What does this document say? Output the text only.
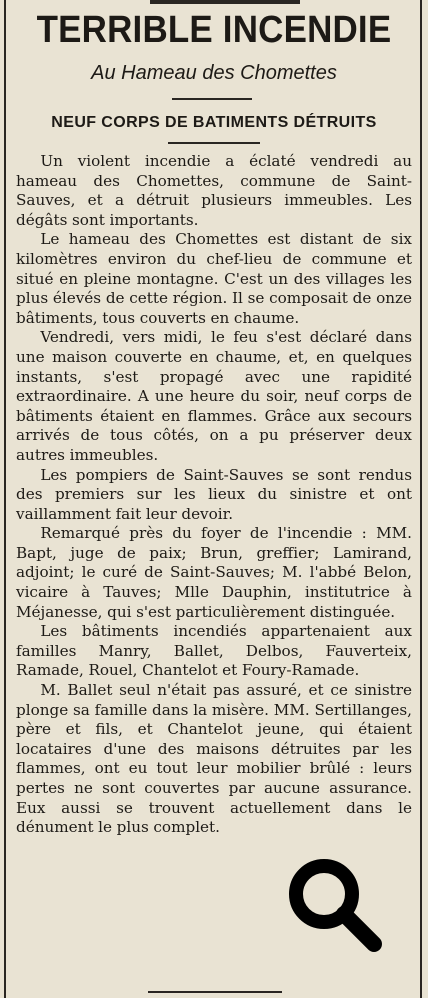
TERRIBLE INCENDIE
Au Hameau des Chomettes
NEUF CORPS DE BATIMENTS DÉTRUITS

Un violent incendie a éclaté vendredi au hameau des Chomettes, commune de Saint-Sauves, et a détruit plusieurs immeubles. Les dégâts sont importants.

Le hameau des Chomettes est distant de six kilomètres environ du chef-lieu de commune et situé en pleine montagne. C'est un des villages les plus élevés de cette région. Il se composait de onze bâtiments, tous couverts en chaume.

Vendredi, vers midi, le feu s'est déclaré dans une maison couverte en chaume, et, en quelques instants, s'est propagé avec une rapidité extraordinaire. A une heure du soir, neuf corps de bâtiments étaient en flammes. Grâce aux secours arrivés de tous côtés, on a pu préserver deux autres immeubles.

Les pompiers de Saint-Sauves se sont rendus des premiers sur les lieux du sinistre et ont vaillamment fait leur devoir.

Remarqué près du foyer de l'incendie : MM. Bapt, juge de paix; Brun, greffier; Lamirand, adjoint; le curé de Saint-Sauves; M. l'abbé Belon, vicaire à Tauves; Mlle Dauphin, institutrice à Méjanesse, qui s'est particulièrement distinguée.

Les bâtiments incendiés appartenaient aux familles Manry, Ballet, Delbos, Fauverteix, Ramade, Rouel, Chantelot et Foury-Ramade.

M. Ballet seul n'était pas assuré, et ce sinistre plonge sa famille dans la misère. MM. Sertillanges, père et fils, et Chantelot jeune, qui étaient locataires d'une des maisons détruites par les flammes, ont eu tout leur mobilier brûlé : leurs pertes ne sont couvertes par aucune assurance. Eux aussi se trouvent actuellement dans le dénument le plus complet.
